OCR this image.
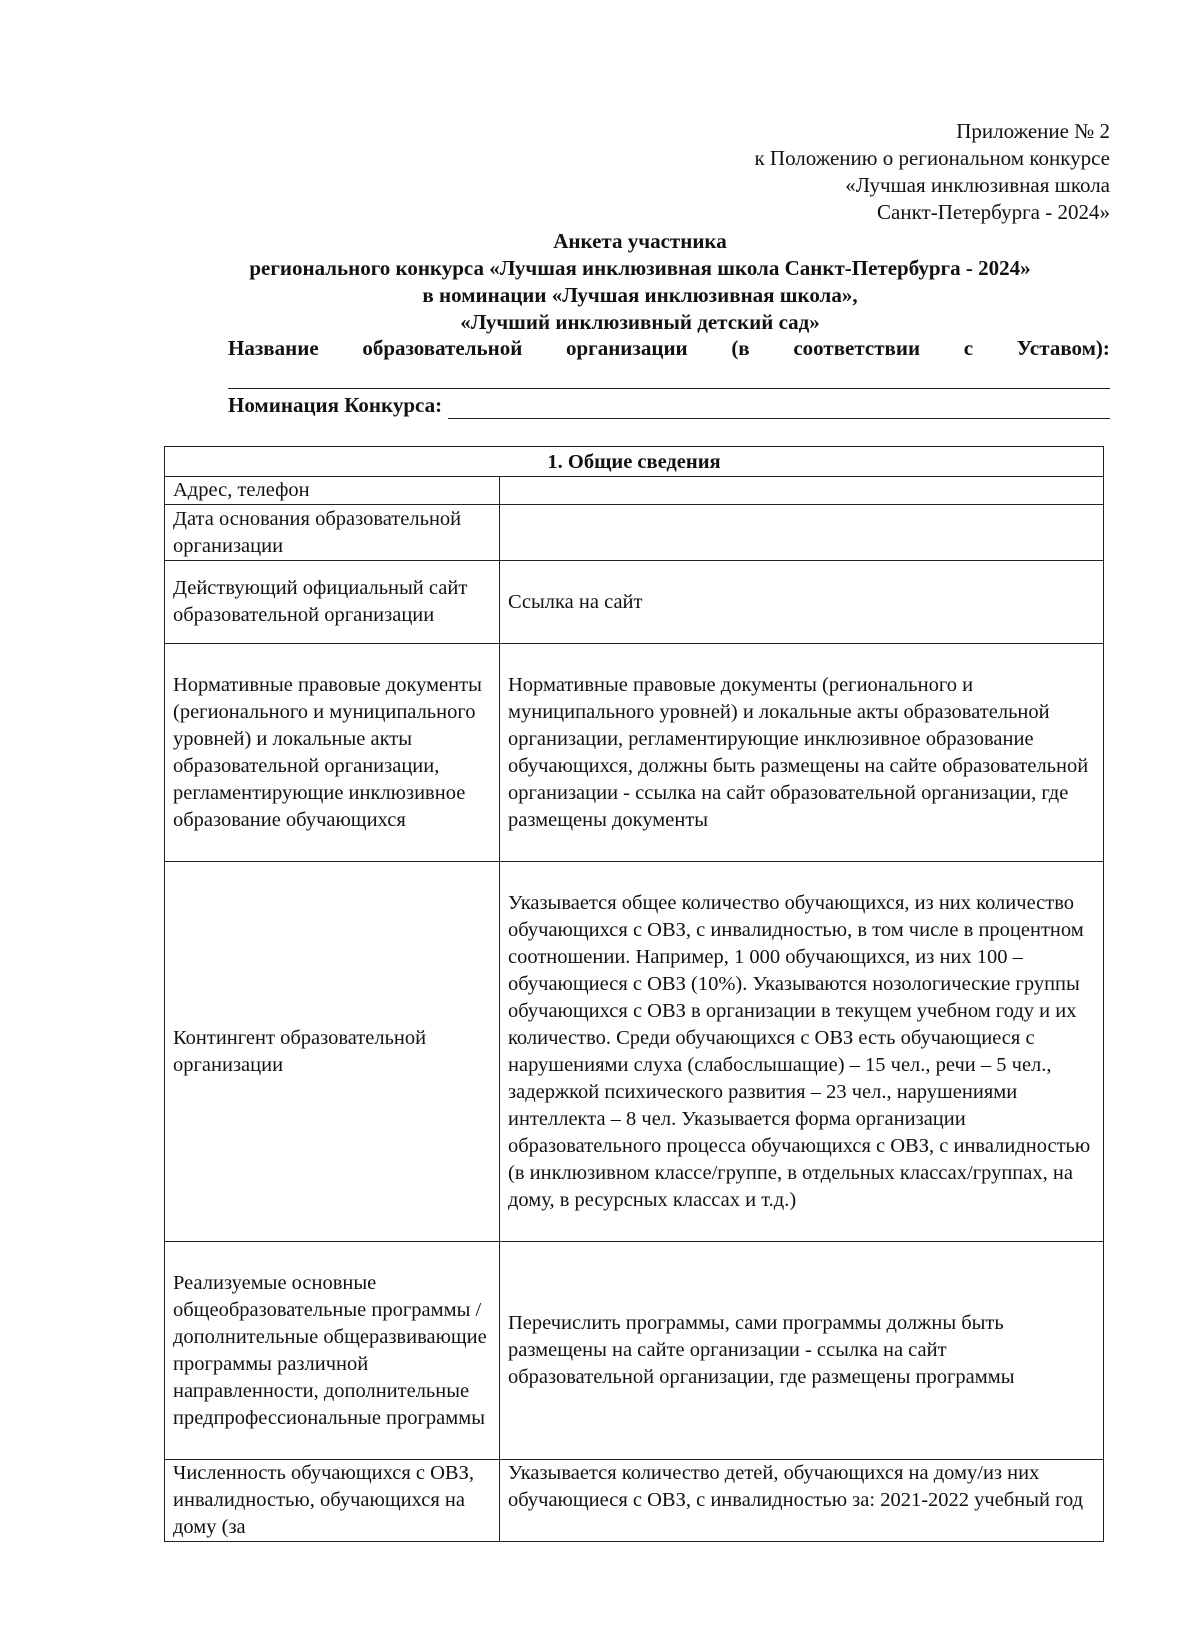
Приложение № 2
к Положению о региональном конкурсе
«Лучшая инклюзивная школа
Санкт-Петербурга - 2024»
Анкета участника
регионального конкурса «Лучшая инклюзивная школа Санкт-Петербурга - 2024»
в номинации «Лучшая инклюзивная школа»,
«Лучший инклюзивный детский сад»
Название образовательной организации (в соответствии с Уставом):
Номинация Конкурса:
1. Общие сведения	
Адрес, телефон	
Дата основания образовательной организации	
Действующий официальный сайт образовательной организации	Ссылка на сайт
Нормативные правовые документы (регионального и муниципального уровней) и локальные акты образовательной организации, регламентирующие инклюзивное образование обучающихся	Нормативные правовые документы (регионального и муниципального уровней) и локальные акты образовательной организации, регламентирующие инклюзивное образование обучающихся, должны быть размещены на сайте образовательной организации - ссылка на сайт образовательной организации, где размещены документы
Контингент образовательной организации	Указывается общее количество обучающихся, из них количество обучающихся с ОВЗ, с инвалидностью, в том числе в процентном соотношении. Например, 1 000 обучающихся, из них 100 – обучающиеся с ОВЗ (10%). Указываются нозологические группы обучающихся с ОВЗ в организации в текущем учебном году и их количество. Среди обучающихся с ОВЗ есть обучающиеся с нарушениями слуха (слабослышащие) – 15 чел., речи – 5 чел., задержкой психического развития – 23 чел., нарушениями интеллекта – 8 чел. Указывается форма организации образовательного процесса обучающихся с ОВЗ, с инвалидностью (в инклюзивном классе/группе, в отдельных классах/группах, на дому, в ресурсных классах и т.д.)
Реализуемые основные общеобразовательные программы / дополнительные общеразвивающие программы различной направленности, дополнительные предпрофессиональные программы	Перечислить программы, сами программы должны быть размещены на сайте организации - ссылка на сайт образовательной организации, где размещены программы
Численность обучающихся с ОВЗ, инвалидностью, обучающихся на дому (за	Указывается количество детей, обучающихся на дому/из них обучающиеся с ОВЗ, с инвалидностью за: 2021-2022 учебный год
